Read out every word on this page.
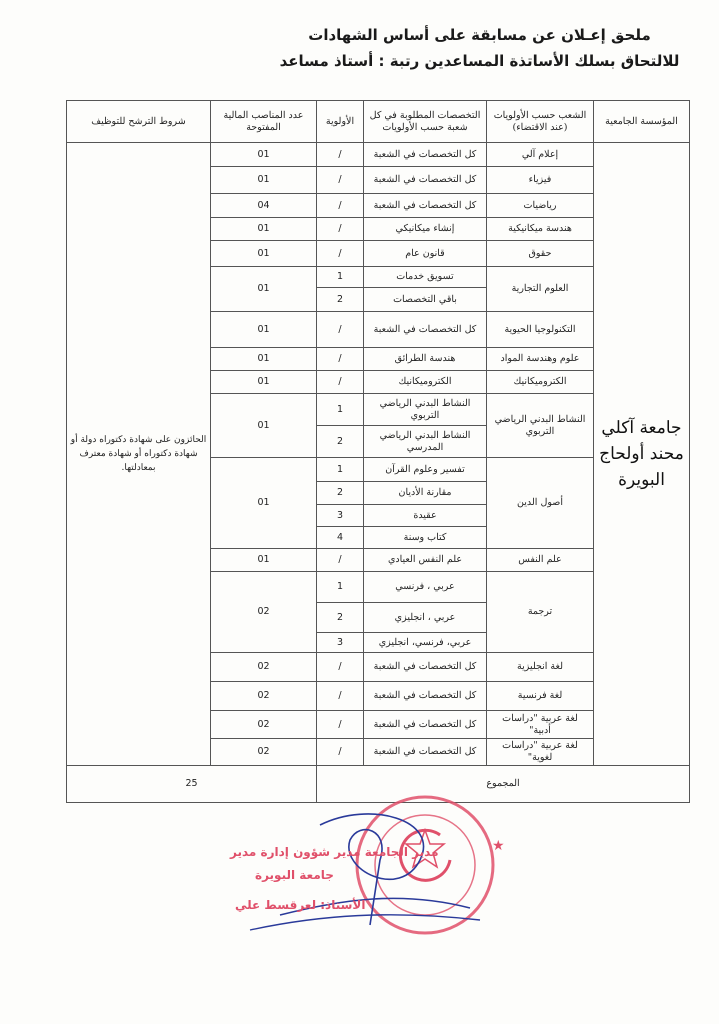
ملحق إعـلان عن مسابقة على أساس الشهادات
للالتحاق بسلك الأساتذة المساعدين رتبة : أستاذ مساعد
المؤسسة الجامعية	الشعب حسب الأولويات (عند الاقتضاء)	التخصصات المطلوبة في كل شعبة حسب الأولويات	الأولوية	عدد المناصب المالية المفتوحة	شروط الترشح للتوظيف
جامعة آكلي محند أولحاج البويرة	إعلام آلي	كل التخصصات في الشعبة	/	01	الحائزون على شهادة دكتوراه دولة أو شهادة دكتوراه أو شهادة معترف بمعادلتها.
	فيزياء	كل التخصصات في الشعبة	/	01	
	رياضيات	كل التخصصات في الشعبة	/	04	
	هندسة ميكانيكية	إنشاء ميكانيكي	/	01	
	حقوق	قانون عام	/	01	
	العلوم التجارية	تسويق خدمات	1	01	
		باقي التخصصات	2		
	التكنولوجيا الحيوية	كل التخصصات في الشعبة	/	01	
	علوم وهندسة المواد	هندسة الطرائق	/	01	
	الكتروميكانيك	الكتروميكانيك	/	01	
	النشاط البدني الرياضي التربوي	النشاط البدني الرياضي التربوي	1	01	
		النشاط البدني الرياضي المدرسي	2		
	أصول الدين	تفسير وعلوم القرآن	1	01	
		مقارنة الأديان	2		
		عقيدة	3		
		كتاب وسنة	4		
	علم النفس	علم النفس العيادي	/	01	
	ترجمة	عربي ، فرنسي	1	02	
		عربي ، انجليزي	2		
		عربي، فرنسي، انجليزي	3		
	لغة انجليزية	كل التخصصات في الشعبة	/	02	
	لغة فرنسية	كل التخصصات في الشعبة	/	02	
	لغة عربية "دراسات أدبية"	كل التخصصات في الشعبة	/	02	
	لغة عربية "دراسات لغوية"	كل التخصصات في الشعبة	/	02	
المجموع				25	
★
مدير الجامعة مدير شؤون إدارة مدير
جامعة البويرة
الأستاذ: لعرقسط علي
